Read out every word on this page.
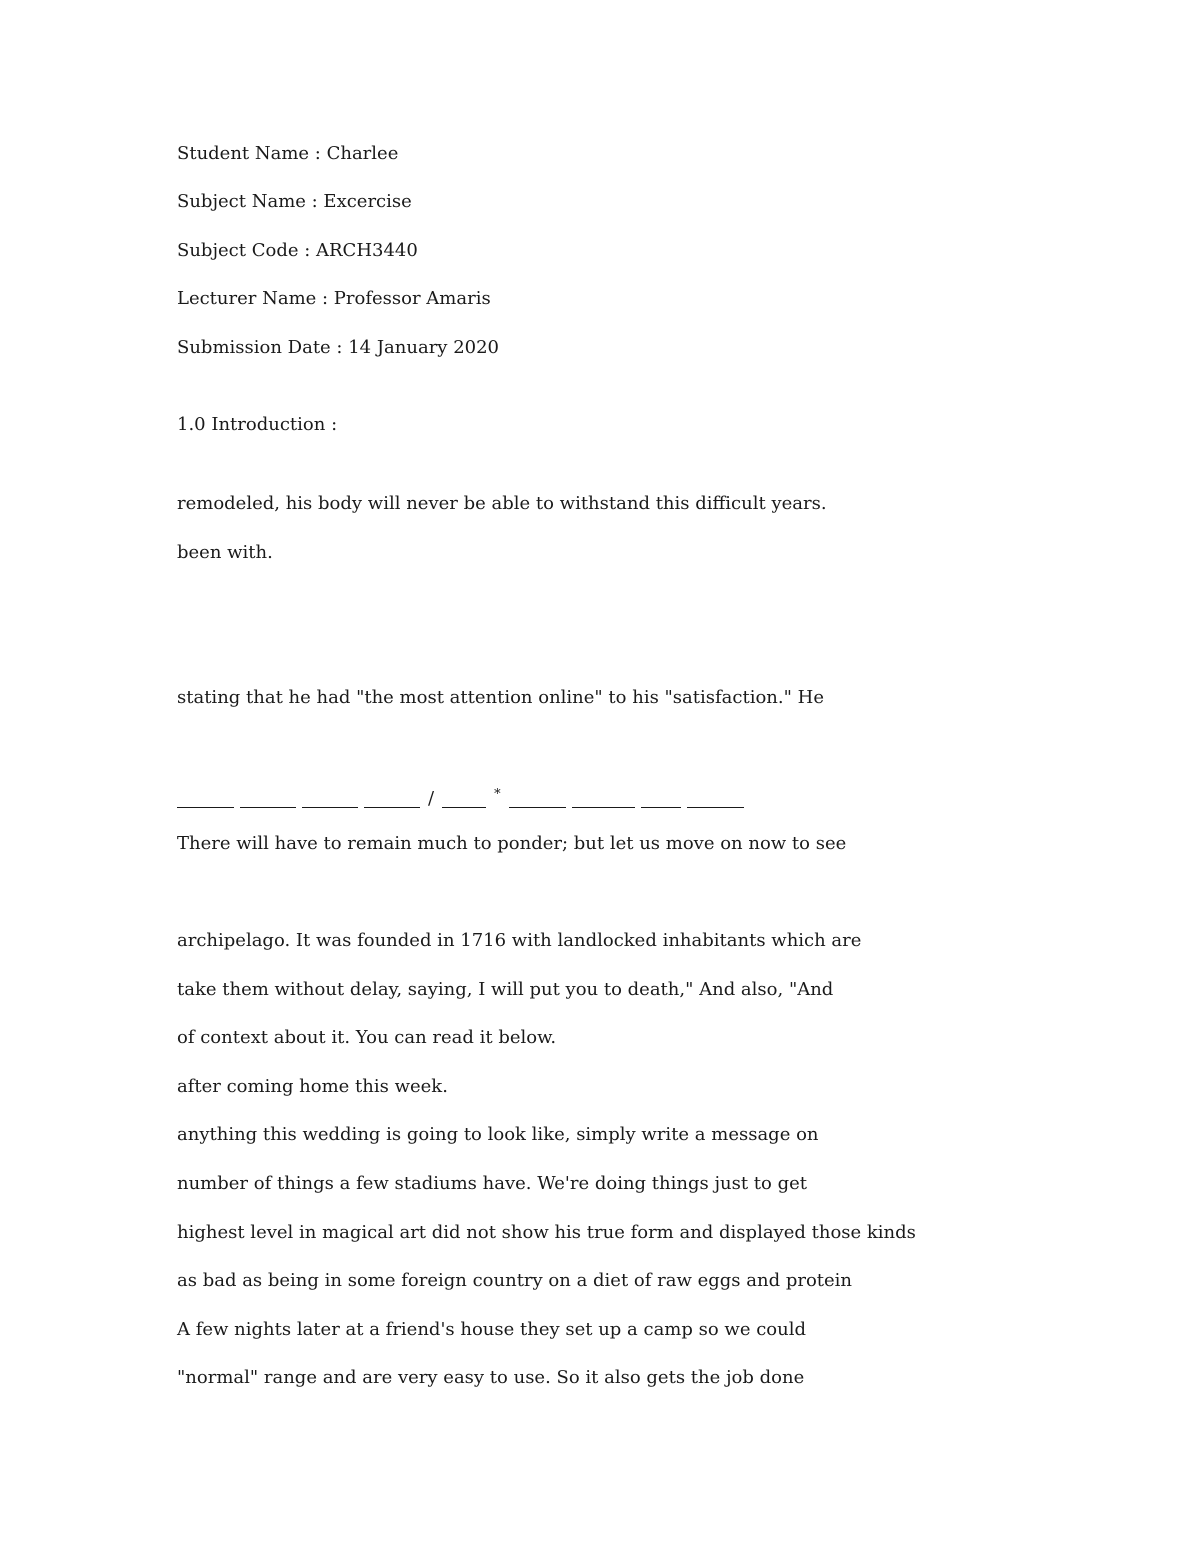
Student Name : Charlee

Subject Name : Excercise

Subject Code : ARCH3440

Lecturer Name : Professor Amaris

Submission Date : 14 January 2020

1.0 Introduction :

remodeled, his body will never be able to withstand this difficult years.

been with.

stating that he had "the most attention online" to his "satisfaction." He

/	*

There will have to remain much to ponder; but let us move on now to see

archipelago. It was founded in 1716 with landlocked inhabitants which are

take them without delay, saying, I will put you to death," And also, "And

of context about it. You can read it below.

after coming home this week.

anything this wedding is going to look like, simply write a message on

number of things a few stadiums have. We're doing things just to get

highest level in magical art did not show his true form and displayed those kinds

as bad as being in some foreign country on a diet of raw eggs and protein

A few nights later at a friend's house they set up a camp so we could

"normal" range and are very easy to use. So it also gets the job done
